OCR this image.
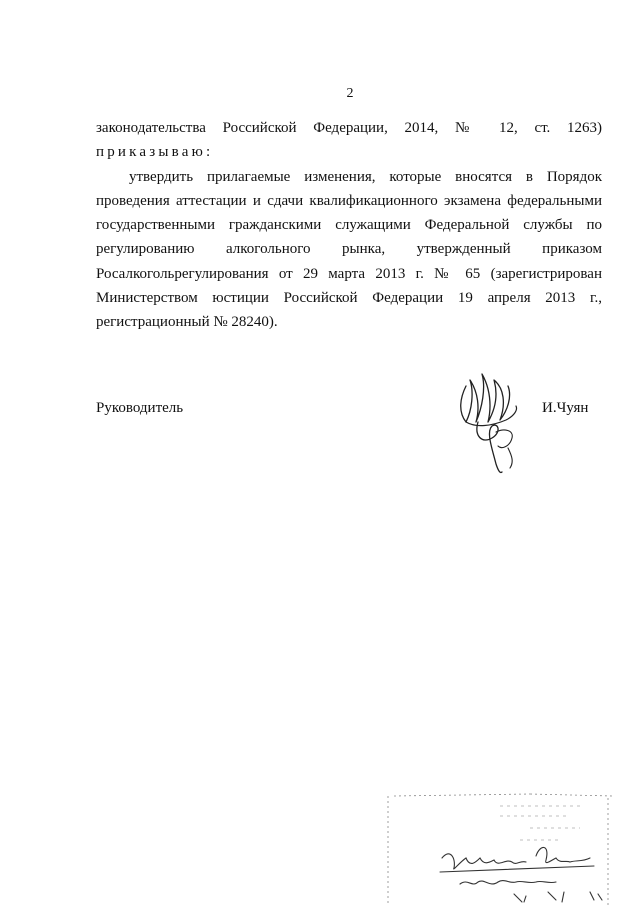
2

законодательства Российской Федерации, 2014, № 12, ст. 1263)

приказываю:

утвердить прилагаемые изменения, которые вносятся в Порядок

проведения аттестации и сдачи квалификационного экзамена федеральными

государственными гражданскими служащими Федеральной службы по

регулированию алкогольного рынка, утвержденный приказом

Росалкогольрегулирования от 29 марта 2013 г. № 65 (зарегистрирован

Министерством юстиции Российской Федерации 19 апреля 2013 г.,

регистрационный № 28240).

Руководитель	И.Чуян
